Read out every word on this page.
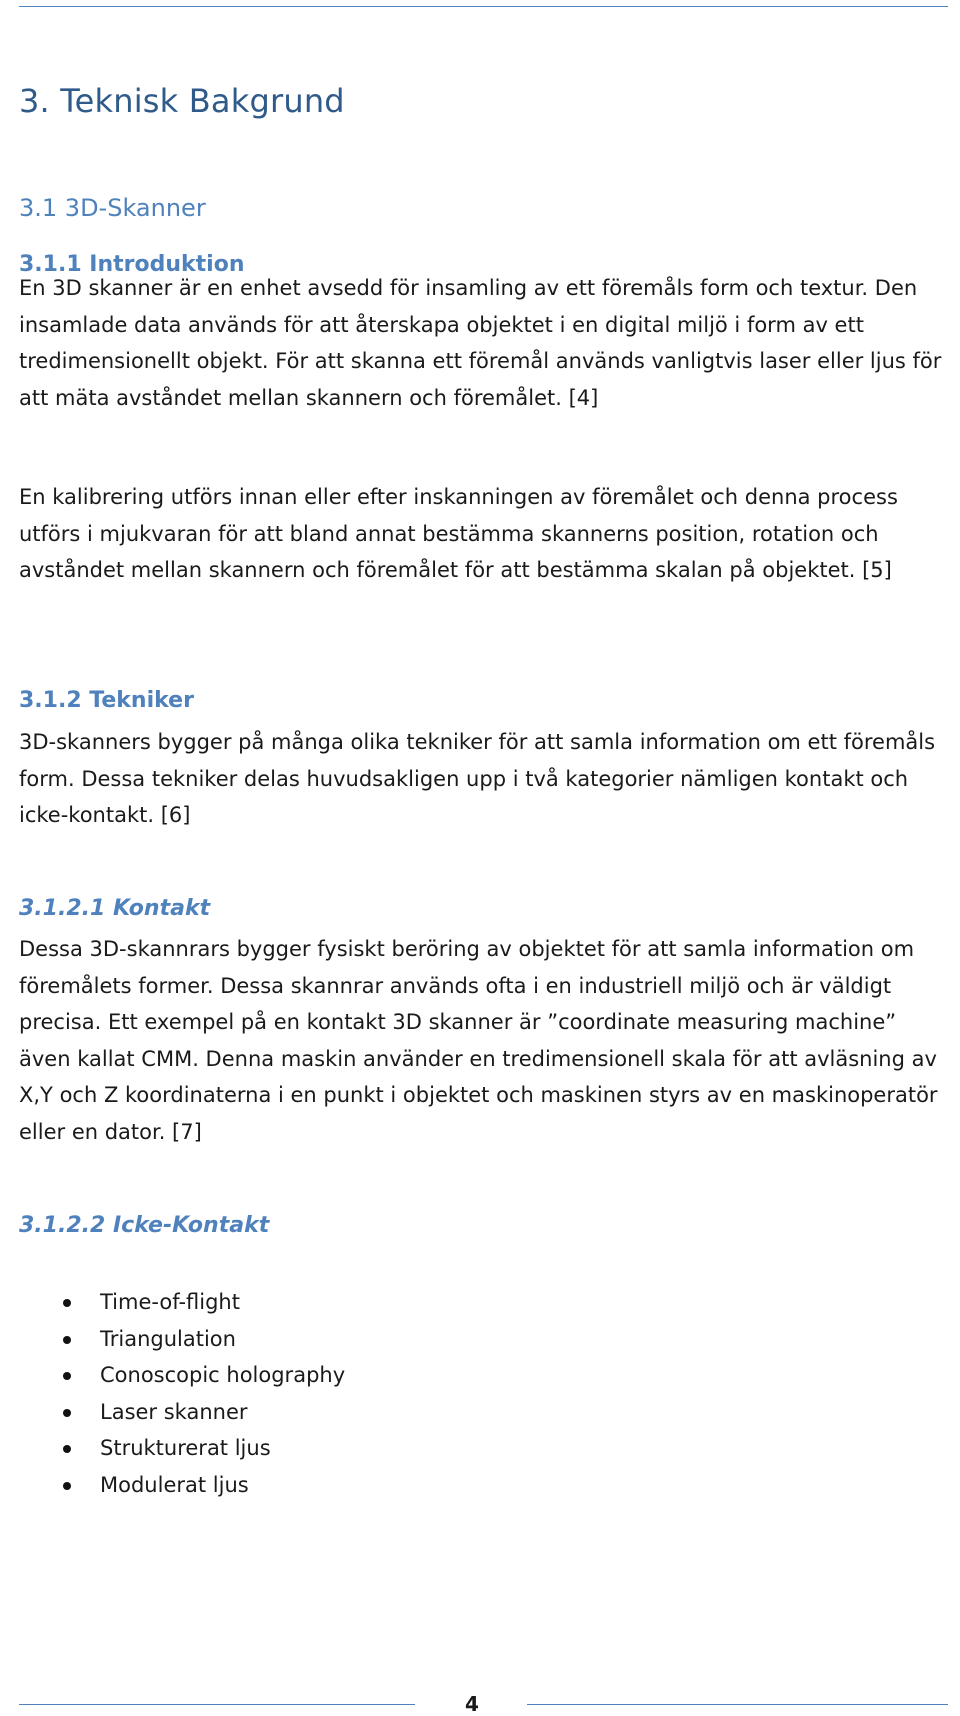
3. Teknisk Bakgrund
3.1 3D-Skanner
3.1.1 Introduktion

En 3D skanner är en enhet avsedd för insamling av ett föremåls form och textur. Den insamlade data används för att återskapa objektet i en digital miljö i form av ett tredimensionellt objekt. För att skanna ett föremål används vanligtvis laser eller ljus för att mäta avståndet mellan skannern och föremålet. [4]

En kalibrering utförs innan eller efter inskanningen av föremålet och denna process utförs i mjukvaran för att bland annat bestämma skannerns position, rotation och avståndet mellan skannern och föremålet för att bestämma skalan på objektet. [5]

3.1.2 Tekniker

3D-skanners bygger på många olika tekniker för att samla information om ett föremåls form. Dessa tekniker delas huvudsakligen upp i två kategorier nämligen kontakt och icke-kontakt. [6]

3.1.2.1 Kontakt

Dessa 3D-skannrars bygger fysiskt beröring av objektet för att samla information om föremålets former. Dessa skannrar används ofta i en industriell miljö och är väldigt precisa. Ett exempel på en kontakt 3D skanner är ”coordinate measuring machine” även kallat CMM. Denna maskin använder en tredimensionell skala för att avläsning av X,Y och Z koordinaterna i en punkt i objektet och maskinen styrs av en maskinoperatör eller en dator. [7]

3.1.2.2 Icke-Kontakt
Time-of-flight
Triangulation
Conoscopic holography
Laser skanner
Strukturerat ljus
Modulerat ljus
4
